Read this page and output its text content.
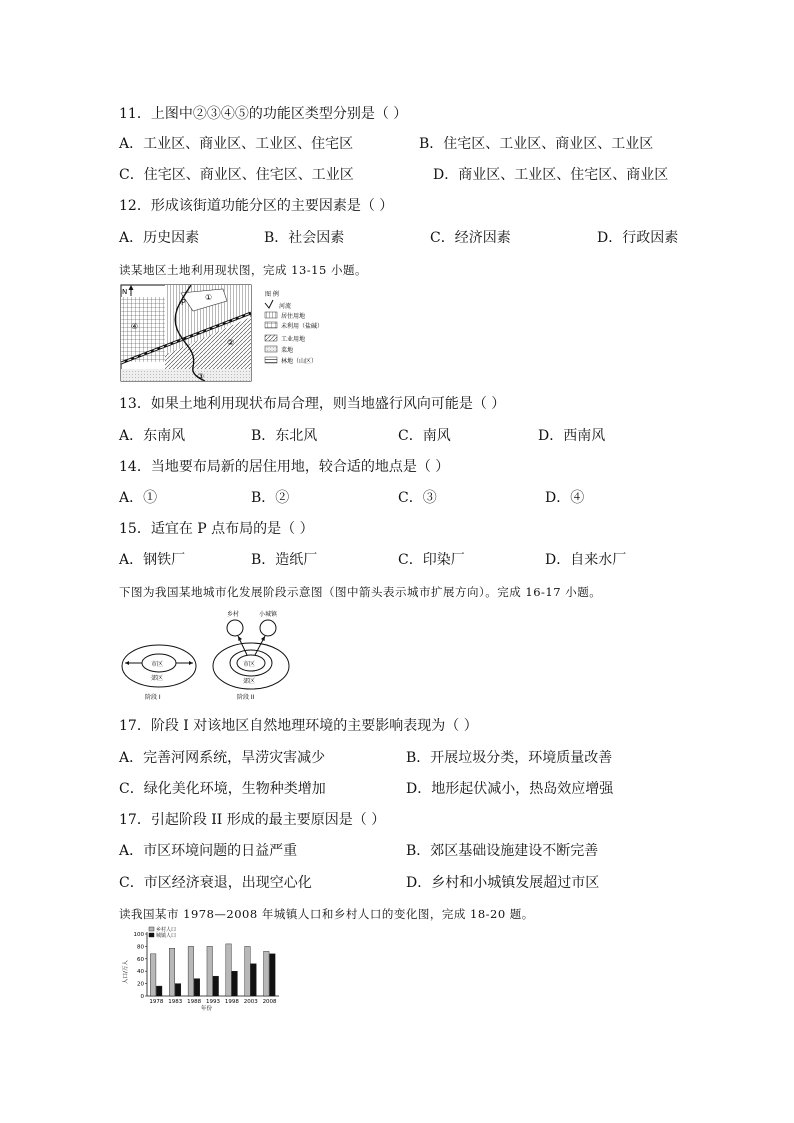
11．上图中②③④⑤的功能区类型分别是（ ）
A．工业区、商业区、工业区、住宅区	B．住宅区、工业区、商业区、工业区
C．住宅区、商业区、住宅区、工业区	D．商业区、工业区、住宅区、商业区
12．形成该街道功能分区的主要因素是（ ）
A．历史因素	B．社会因素	C．经济因素	D．行政因素
读某地区土地利用现状图，完成 13-15 小题。
N
①
②
③
④
P
图 例
河流
居住用地
未利用（盐碱）
工业用地
菜地
林地（山区）
13．如果土地利用现状布局合理，则当地盛行风向可能是（ ）
A．东南风	B．东北风	C．南风	D．西南风
14．当地要布局新的居住用地，较合适的地点是（ ）
A．①	B．②	C．③	D．④
15．适宜在 P 点布局的是（ ）
A．钢铁厂	B．造纸厂	C．印染厂	D．自来水厂
下图为我国某地城市化发展阶段示意图（图中箭头表示城市扩展方向）。完成 16-17 小题。
市区
郊区
阶段 I
市区
郊区
乡村	小城镇
阶段 II
17．阶段 I 对该地区自然地理环境的主要影响表现为（ ）
A．完善河网系统，旱涝灾害减少	B．开展垃圾分类，环境质量改善
C．绿化美化环境，生物种类增加	D．地形起伏减小，热岛效应增强
17．引起阶段 II 形成的最主要原因是（ ）
A．市区环境问题的日益严重	B．郊区基础设施建设不断完善
C．市区经济衰退，出现空心化	D．乡村和小城镇发展超过市区
读我国某市 1978—2008 年城镇人口和乡村人口的变化图，完成 18-20 题。
人口/万人
年份
0
20
40
60
80
100
1978 1983 1988 1993 1998 2003 2008
乡村人口
城镇人口
